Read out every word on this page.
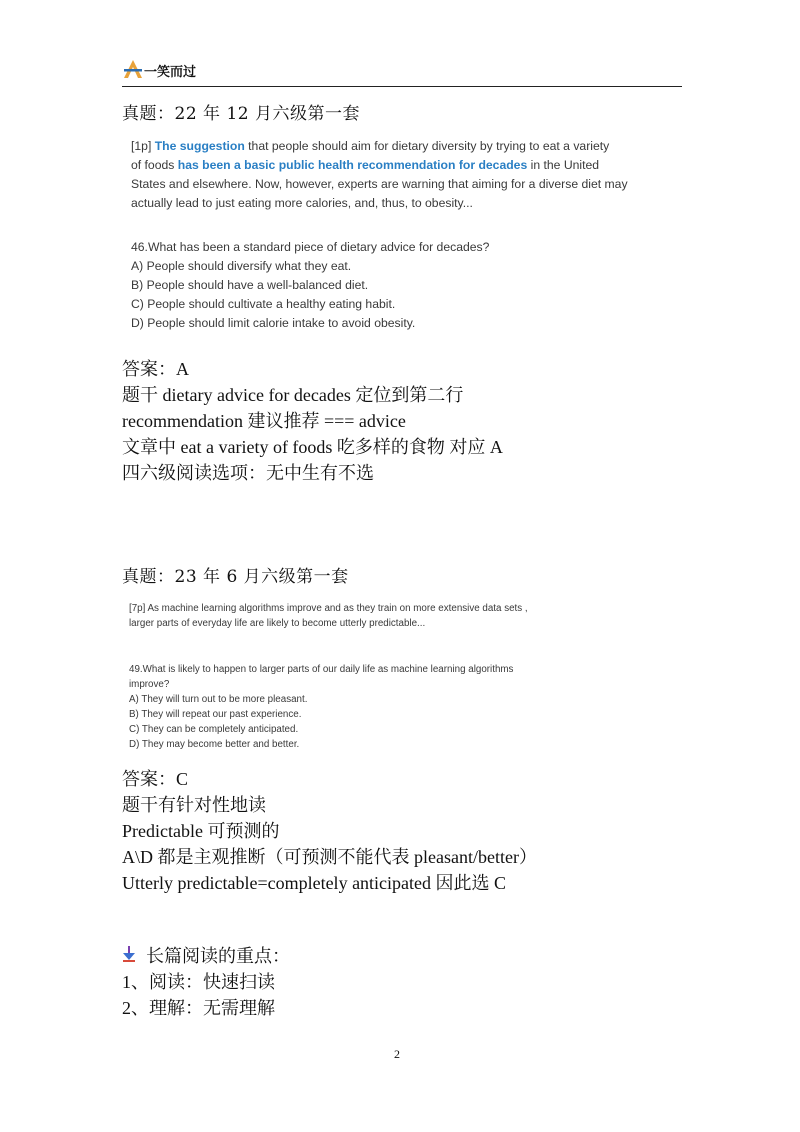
一笑而过
真题：22 年 12 月六级第一套
[1p] The suggestion that people should aim for dietary diversity by trying to eat a variety
of foods has been a basic public health recommendation for decades in the United
States and elsewhere. Now, however, experts are warning that aiming for a diverse diet may
actually lead to just eating more calories, and, thus, to obesity...
46.What has been a standard piece of dietary advice for decades?
A) People should diversify what they eat.
B) People should have a well-balanced diet.
C) People should cultivate a healthy eating habit.
D) People should limit calorie intake to avoid obesity.
答案：A
题干 dietary advice for decades 定位到第二行
recommendation 建议推荐 === advice
文章中 eat a variety of foods 吃多样的食物 对应 A
四六级阅读选项：无中生有不选
真题：23 年 6 月六级第一套
[7p] As machine learning algorithms improve and as they train on more extensive data sets ,
larger parts of everyday life are likely to become utterly predictable...
49.What is likely to happen to larger parts of our daily life as machine learning algorithms
improve?
A) They will turn out to be more pleasant.
B) They will repeat our past experience.
C) They can be completely anticipated.
D) They may become better and better.
答案：C
题干有针对性地读
Predictable 可预测的
A\D 都是主观推断（可预测不能代表 pleasant/better）
Utterly predictable=completely anticipated 因此选 C
长篇阅读的重点：
1、阅读：快速扫读
2、理解：无需理解
2
